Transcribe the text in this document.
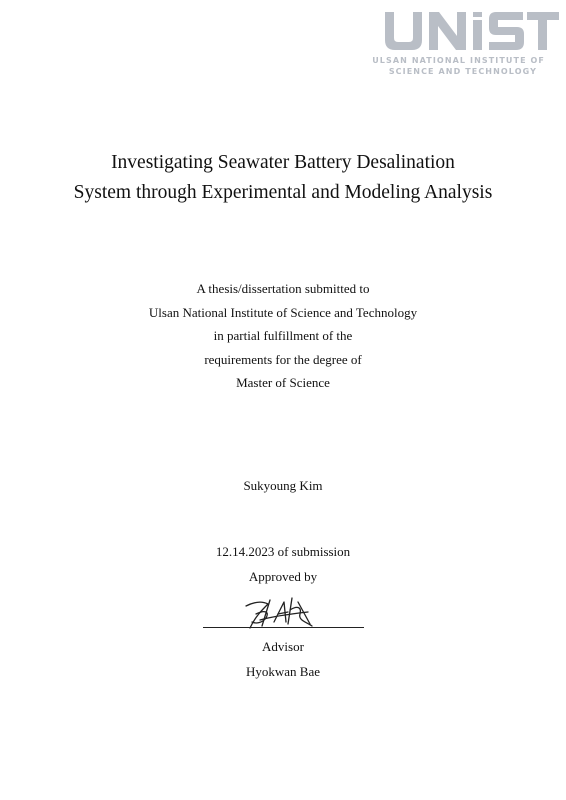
ULSAN NATIONAL INSTITUTE OF
SCIENCE AND TECHNOLOGY
Investigating Seawater Battery Desalination
System through Experimental and Modeling Analysis
A thesis/dissertation submitted to
Ulsan National Institute of Science and Technology
in partial fulfillment of the
requirements for the degree of
Master of Science
Sukyoung Kim
12.14.2023 of submission
Approved by
Advisor
Hyokwan Bae
